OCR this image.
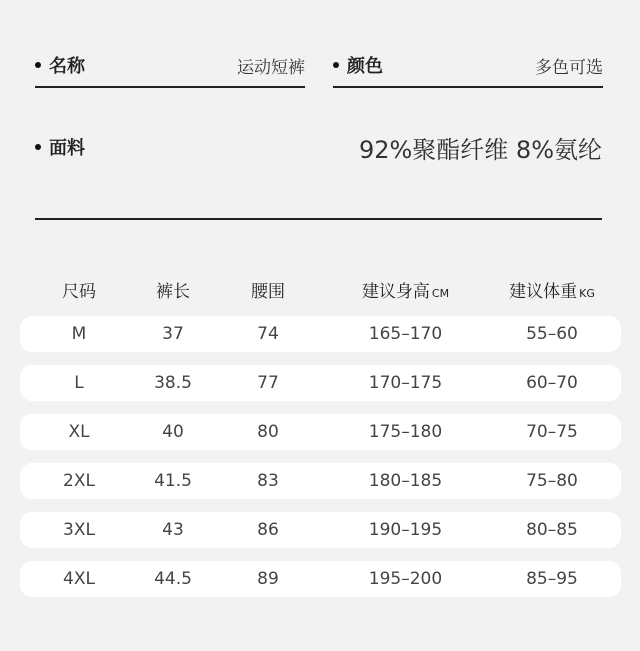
名称	运动短裤 颜色	多色可选
面料	92%聚酯纤维 8%氨纶
尺码	裤长	腰围	建议身高 CM	建议体重 KG
M	37	74	165–170	55–60
L	38.5	77	170–175	60–70
XL	40	80	175–180	70–75
2XL	41.5	83	180–185	75–80
3XL	43	86	190–195	80–85
4XL	44.5	89	195–200	85–95
